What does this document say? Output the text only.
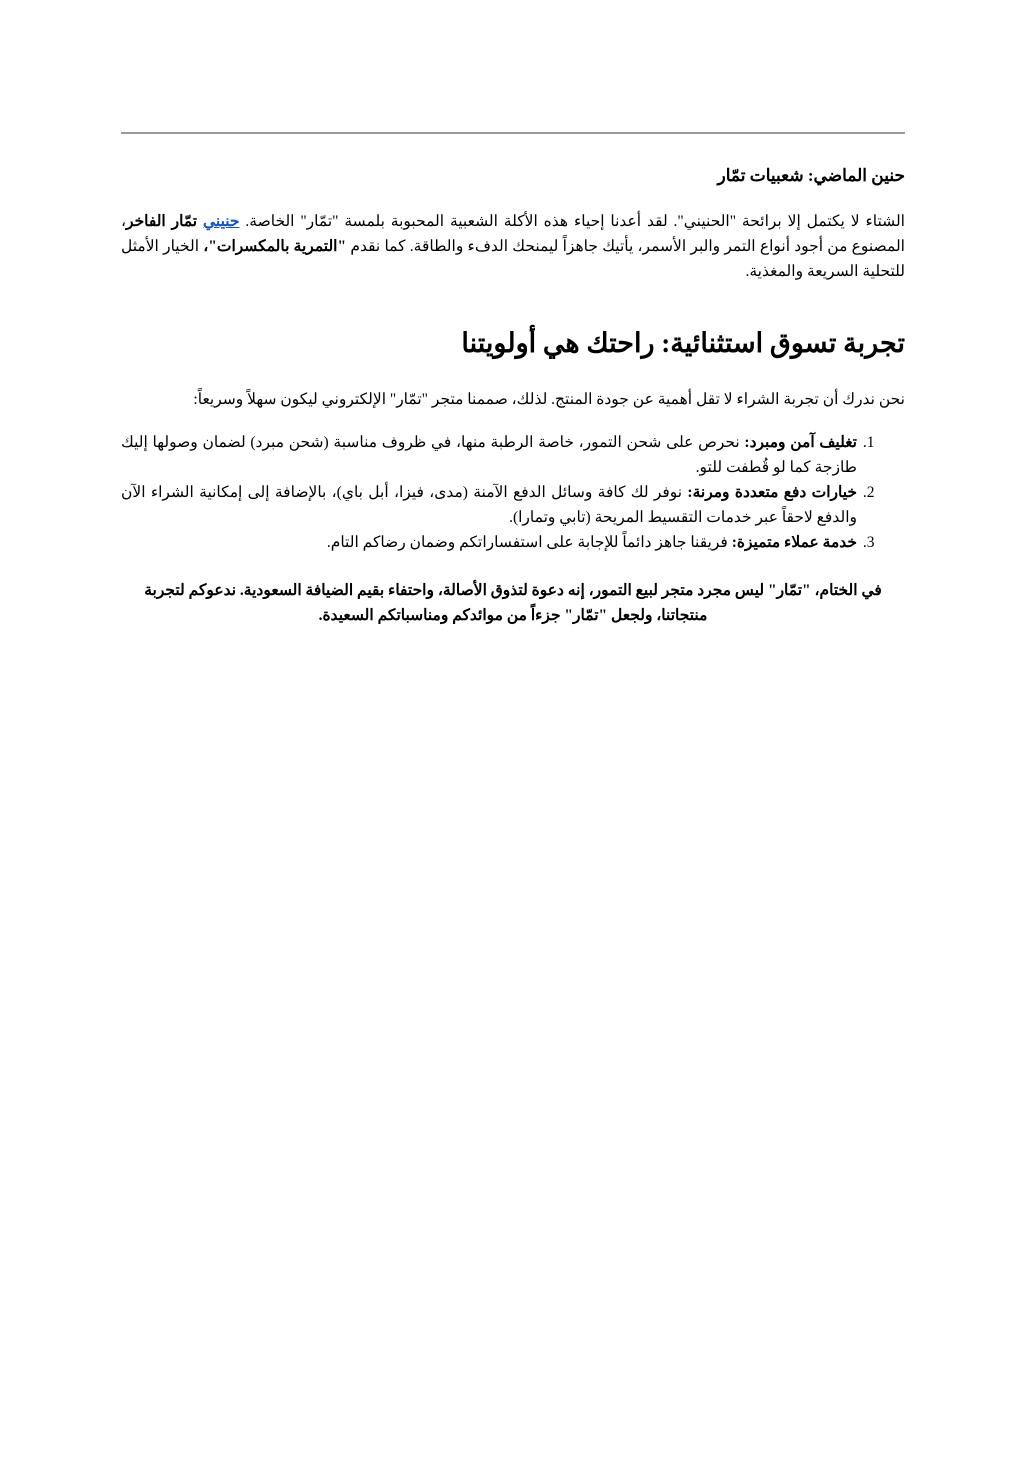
حنين الماضي: شعبيات تمّار

الشتاء لا يكتمل إلا برائحة "الحنيني". لقد أعدنا إحياء هذه الأكلة الشعبية المحبوبة بلمسة "تمّار" الخاصة. حنيني تمّار الفاخر، المصنوع من أجود أنواع التمر والبر الأسمر، يأتيك جاهزاً ليمنحك الدفء والطاقة. كما نقدم "التمرية بالمكسرات"، الخيار الأمثل للتحلية السريعة والمغذية.

تجربة تسوق استثنائية: راحتك هي أولويتنا

نحن ندرك أن تجربة الشراء لا تقل أهمية عن جودة المنتج. لذلك، صممنا متجر "تمّار" الإلكتروني ليكون سهلاً وسريعاً:

1. تغليف آمن ومبرد: نحرص على شحن التمور، خاصة الرطبة منها، في ظروف مناسبة (شحن مبرد) لضمان وصولها إليك طازجة كما لو قُطفت للتو.
2. خيارات دفع متعددة ومرنة: نوفر لك كافة وسائل الدفع الآمنة (مدى، فيزا، أبل باي)، بالإضافة إلى إمكانية الشراء الآن والدفع لاحقاً عبر خدمات التقسيط المريحة (تابي وتمارا).
3. خدمة عملاء متميزة: فريقنا جاهز دائماً للإجابة على استفساراتكم وضمان رضاكم التام.

في الختام، "تمّار" ليس مجرد متجر لبيع التمور، إنه دعوة لتذوق الأصالة، واحتفاء بقيم الضيافة السعودية. ندعوكم لتجربة منتجاتنا، ولجعل "تمّار" جزءاً من موائدكم ومناسباتكم السعيدة.
